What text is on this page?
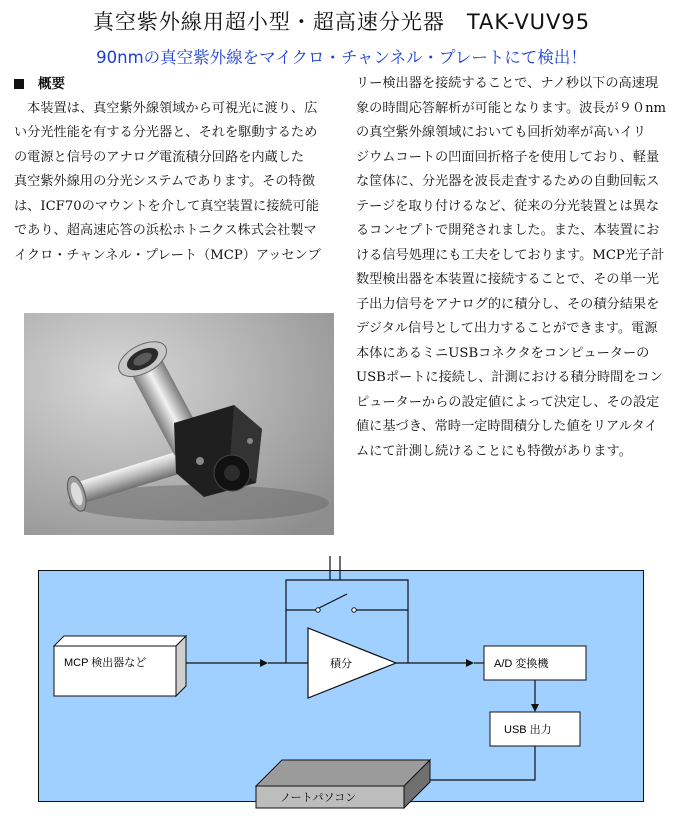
真空紫外線用超小型・超高速分光器　TAK-VUV95
90nmの真空紫外線をマイクロ・チャンネル・プレートにて検出！
概要
　本装置は、真空紫外線領域から可視光に渡り、広
い分光性能を有する分光器と、それを駆動するため
の電源と信号のアナログ電流積分回路を内蔵した
真空紫外線用の分光システムであります。その特徴
は、ICF70のマウントを介して真空装置に接続可能
であり、超高速応答の浜松ホトニクス株式会社製マ
イクロ・チャンネル・プレート（MCP）アッセンブ
リー検出器を接続することで、ナノ秒以下の高速現
象の時間応答解析が可能となります。波長が９０nm
の真空紫外線領域においても回折効率が高いイリ
ジウムコートの凹面回折格子を使用しており、軽量
な筐体に、分光器を波長走査するための自動回転ス
テージを取り付けるなど、従来の分光装置とは異な
るコンセプトで開発されました。また、本装置にお
ける信号処理にも工夫をしております。MCP光子計
数型検出器を本装置に接続することで、その単一光
子出力信号をアナログ的に積分し、その積分結果を
デジタル信号として出力することができます。電源
本体にあるミニUSBコネクタをコンピューターの
USBポートに接続し、計測における積分時間をコン
ピューターからの設定値によって決定し、その設定
値に基づき、常時一定時間積分した値をリアルタイ
ムにて計測し続けることにも特徴があります。
MCP 検出器など	積分	A/D 変換機
USB 出力
ノートパソコン
